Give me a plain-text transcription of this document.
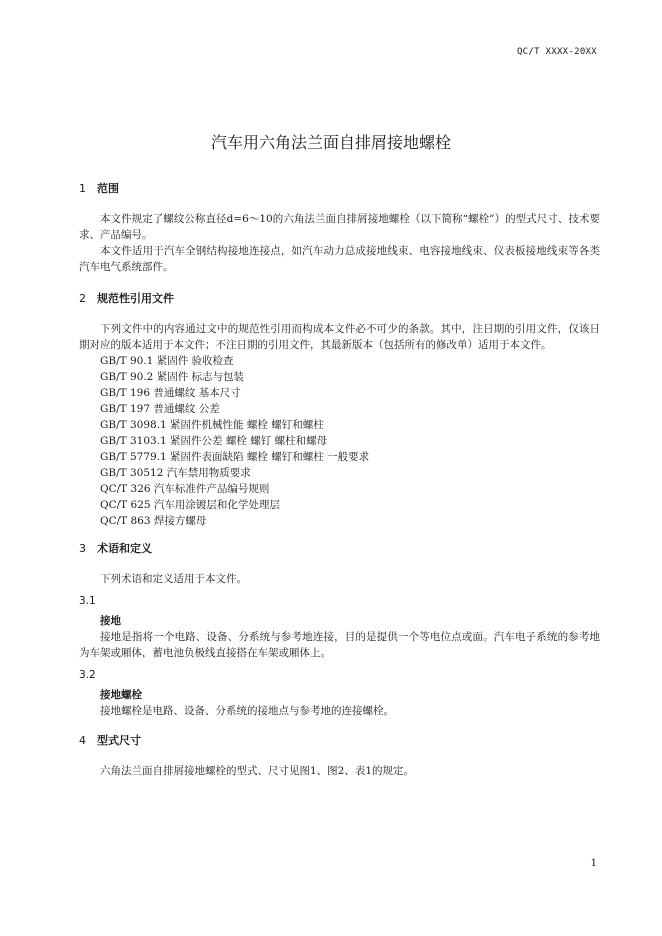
QC/T XXXX-20XX
汽车用六角法兰面自排屑接地螺栓
1 范围

本文件规定了螺纹公称直径d=6～10的六角法兰面自排屑接地螺栓（以下简称“螺栓”）的型式尺寸、技术要求、产品编号。

本文件适用于汽车全钢结构接地连接点，如汽车动力总成接地线束、电容接地线束、仪表板接地线束等各类汽车电气系统部件。

2 规范性引用文件

下列文件中的内容通过文中的规范性引用而构成本文件必不可少的条款。其中，注日期的引用文件，仅该日期对应的版本适用于本文件；不注日期的引用文件，其最新版本（包括所有的修改单）适用于本文件。

GB/T 90.1 紧固件 验收检查
GB/T 90.2 紧固件 标志与包装
GB/T 196 普通螺纹 基本尺寸
GB/T 197 普通螺纹 公差
GB/T 3098.1 紧固件机械性能 螺栓 螺钉和螺柱
GB/T 3103.1 紧固件公差 螺栓 螺钉 螺柱和螺母
GB/T 5779.1 紧固件表面缺陷 螺栓 螺钉和螺柱 一般要求
GB/T 30512 汽车禁用物质要求
QC/T 326 汽车标准件产品编号规则
QC/T 625 汽车用涂镀层和化学处理层
QC/T 863 焊接方螺母
3 术语和定义

下列术语和定义适用于本文件。

3.1
接地

接地是指将一个电路、设备、分系统与参考地连接，目的是提供一个等电位点或面。汽车电子系统的参考地为车架或厢体，蓄电池负极线直接搭在车架或厢体上。

3.2
接地螺栓

接地螺栓是电路、设备、分系统的接地点与参考地的连接螺栓。

4 型式尺寸

六角法兰面自排屑接地螺栓的型式、尺寸见图1、图2、表1的规定。

1
